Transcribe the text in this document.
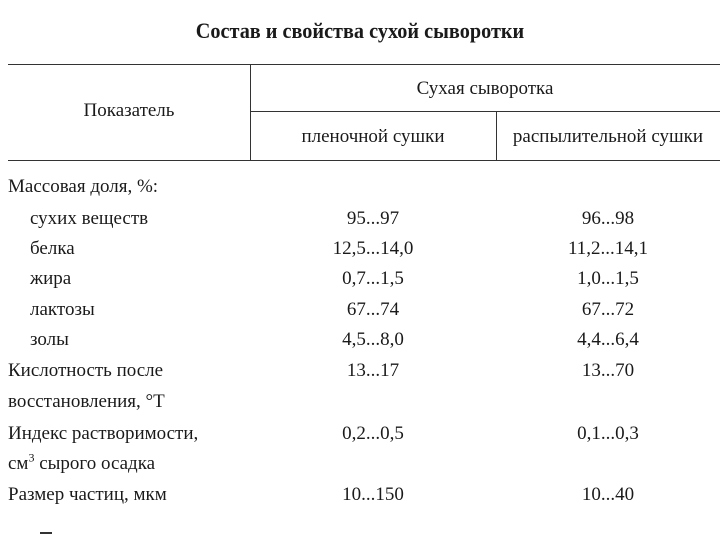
Состав и свойства сухой сыворотки
Показатель
Сухая сыворотка
пленочной сушки	распылительной сушки
Массовая доля, %:
сухих веществ	95...97	96...98
белка	12,5...14,0	11,2...14,1
жира	0,7...1,5	1,0...1,5
лактозы	67...74	67...72
золы	4,5...8,0	4,4...6,4
Кислотность после	13...17	13...70
восстановления, °Т
Индекс растворимости,	0,2...0,5	0,1...0,3
$см^3$ сырого осадка
Размер частиц, мкм	10...150	10...40
